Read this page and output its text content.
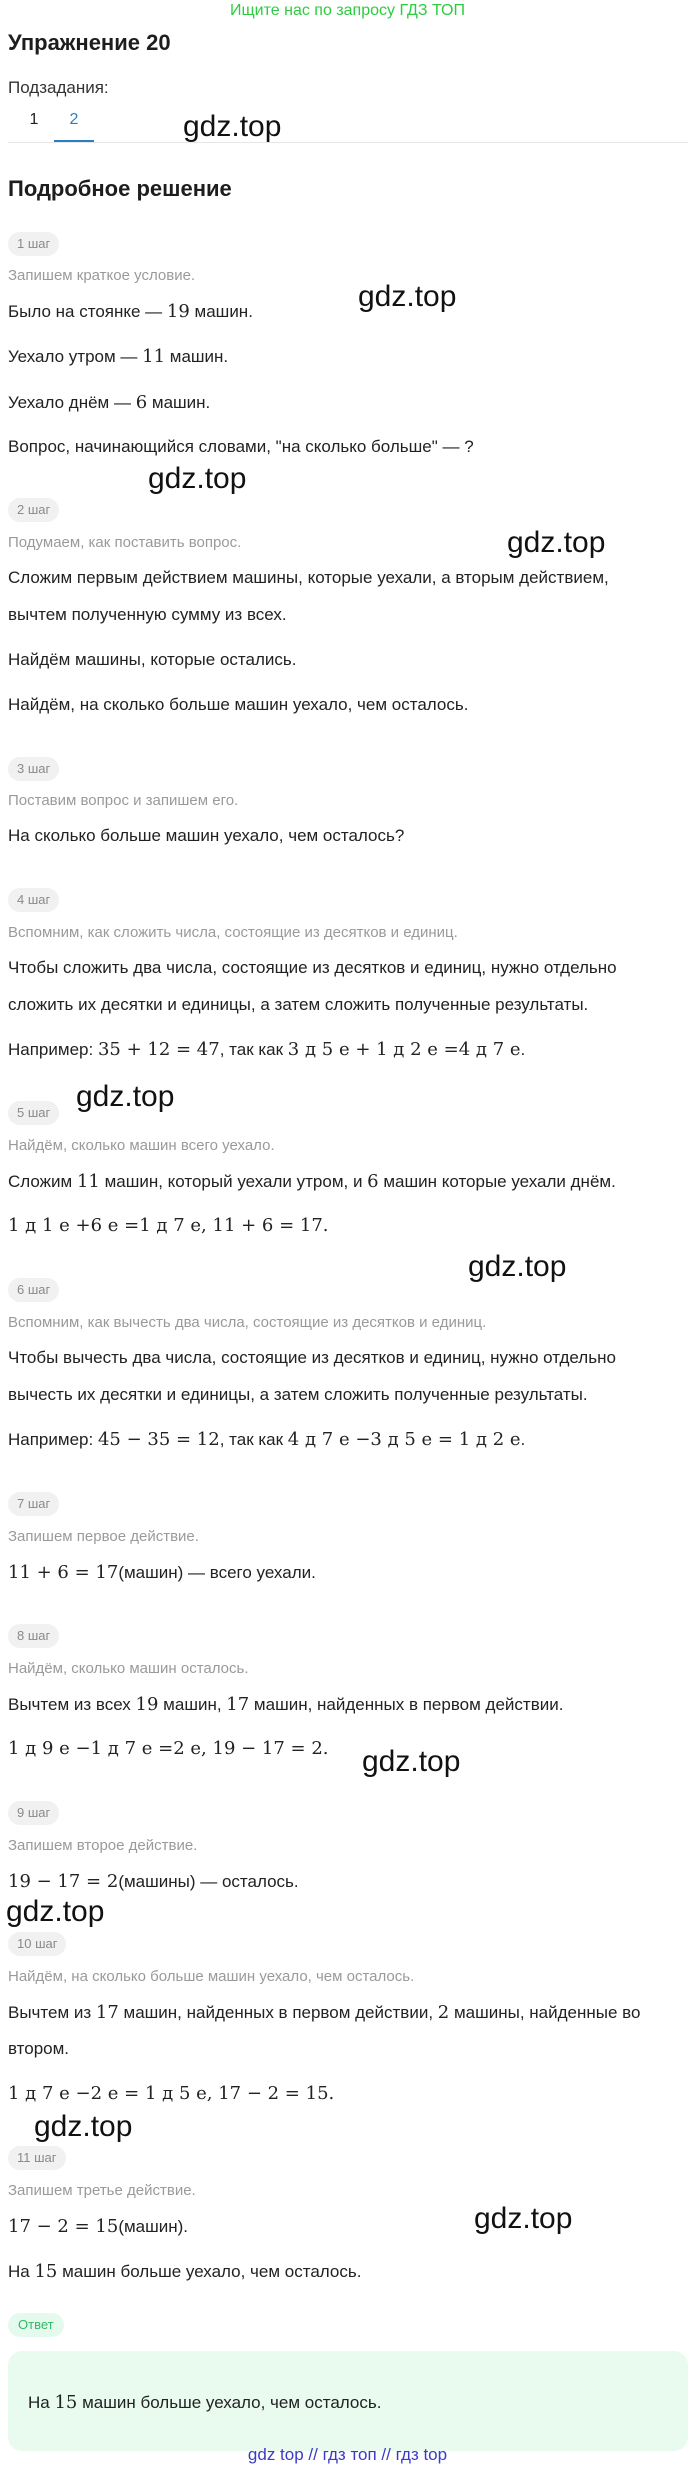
Ищите нас по запросу ГДЗ ТОП
Упражнение 20
Подзадания:
1	2	gdz.top
gdz.top
gdz.top
gdz.top
gdz.top
gdz.top
gdz.top
gdz.top
gdz.top
gdz.top
Подробное решение
1 шаг
Запишем краткое условие.
Было на стоянке — 19 машин.
Уехало утром — 11 машин.
Уехало днём — 6 машин.
Вопрос, начинающийся словами, "на сколько больше" — ?
2 шаг
Подумаем, как поставить вопрос.
Сложим первым действием машины, которые уехали, а вторым действием,
вычтем полученную сумму из всех.
Найдём машины, которые остались.
Найдём, на сколько больше машин уехало, чем осталось.
3 шаг
Поставим вопрос и запишем его.
На сколько больше машин уехало, чем осталось?
4 шаг
Вспомним, как сложить числа, состоящие из десятков и единиц.
Чтобы сложить два числа, состоящие из десятков и единиц, нужно отдельно
сложить их десятки и единицы, а затем сложить полученные результаты.
Например: 35 + 12 = 47, так как 3 д 5 е + 1 д 2 е =4 д 7 е.
5 шаг
Найдём, сколько машин всего уехало.
Сложим 11 машин, который уехали утром, и 6 машин которые уехали днём.
1 д 1 е +6 е =1 д 7 е, 11 + 6 = 17.
6 шаг
Вспомним, как вычесть два числа, состоящие из десятков и единиц.
Чтобы вычесть два числа, состоящие из десятков и единиц, нужно отдельно
вычесть их десятки и единицы, а затем сложить полученные результаты.
Например: 45 − 35 = 12, так как 4 д 7 е −3 д 5 е = 1 д 2 е.
7 шаг
Запишем первое действие.
11 + 6 = 17(машин) — всего уехали.
8 шаг
Найдём, сколько машин осталось.
Вычтем из всех 19 машин, 17 машин, найденных в первом действии.
1 д 9 е −1 д 7 е =2 е, 19 − 17 = 2.
9 шаг
Запишем второе действие.
19 − 17 = 2(машины) — осталось.
10 шаг
Найдём, на сколько больше машин уехало, чем осталось.
Вычтем из 17 машин, найденных в первом действии, 2 машины, найденные во
втором.
1 д 7 е −2 е = 1 д 5 е, 17 − 2 = 15.
11 шаг
Запишем третье действие.
17 − 2 = 15(машин).
На 15 машин больше уехало, чем осталось.
Ответ
На 15 машин больше уехало, чем осталось.
gdz top // гдз топ // гдз top
